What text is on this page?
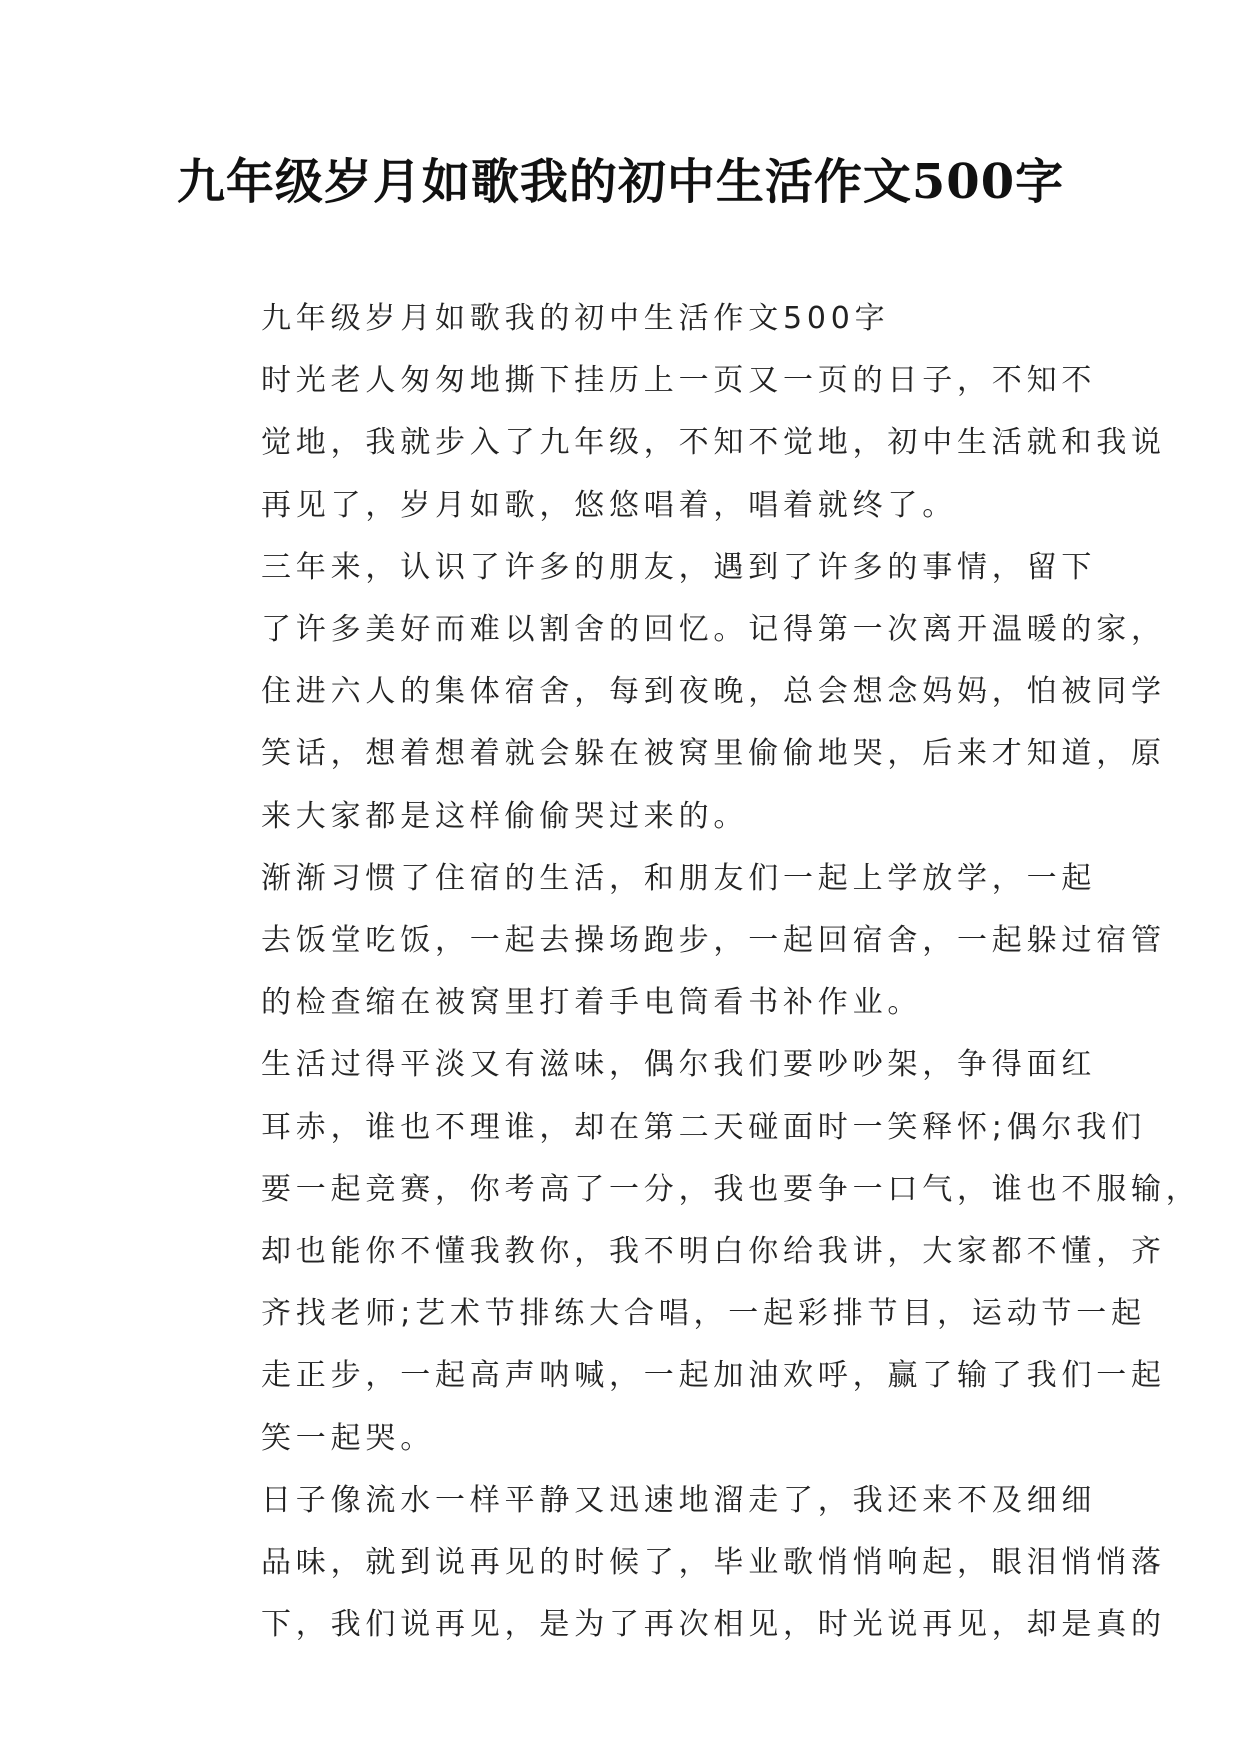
九年级岁月如歌我的初中生活作文500字
九年级岁月如歌我的初中生活作文500字
时光老人匆匆地撕下挂历上一页又一页的日子，不知不
觉地，我就步入了九年级，不知不觉地，初中生活就和我说
再见了，岁月如歌，悠悠唱着，唱着就终了。
三年来，认识了许多的朋友，遇到了许多的事情，留下
了许多美好而难以割舍的回忆。记得第一次离开温暖的家，
住进六人的集体宿舍，每到夜晚，总会想念妈妈，怕被同学
笑话，想着想着就会躲在被窝里偷偷地哭，后来才知道，原
来大家都是这样偷偷哭过来的。
渐渐习惯了住宿的生活，和朋友们一起上学放学，一起
去饭堂吃饭，一起去操场跑步，一起回宿舍，一起躲过宿管
的检查缩在被窝里打着手电筒看书补作业。
生活过得平淡又有滋味，偶尔我们要吵吵架，争得面红
耳赤，谁也不理谁，却在第二天碰面时一笑释怀;偶尔我们
要一起竞赛，你考高了一分，我也要争一口气，谁也不服输，
却也能你不懂我教你，我不明白你给我讲，大家都不懂，齐
齐找老师;艺术节排练大合唱，一起彩排节目，运动节一起
走正步，一起高声呐喊，一起加油欢呼，赢了输了我们一起
笑一起哭。
日子像流水一样平静又迅速地溜走了，我还来不及细细
品味，就到说再见的时候了，毕业歌悄悄响起，眼泪悄悄落
下，我们说再见，是为了再次相见，时光说再见，却是真的
